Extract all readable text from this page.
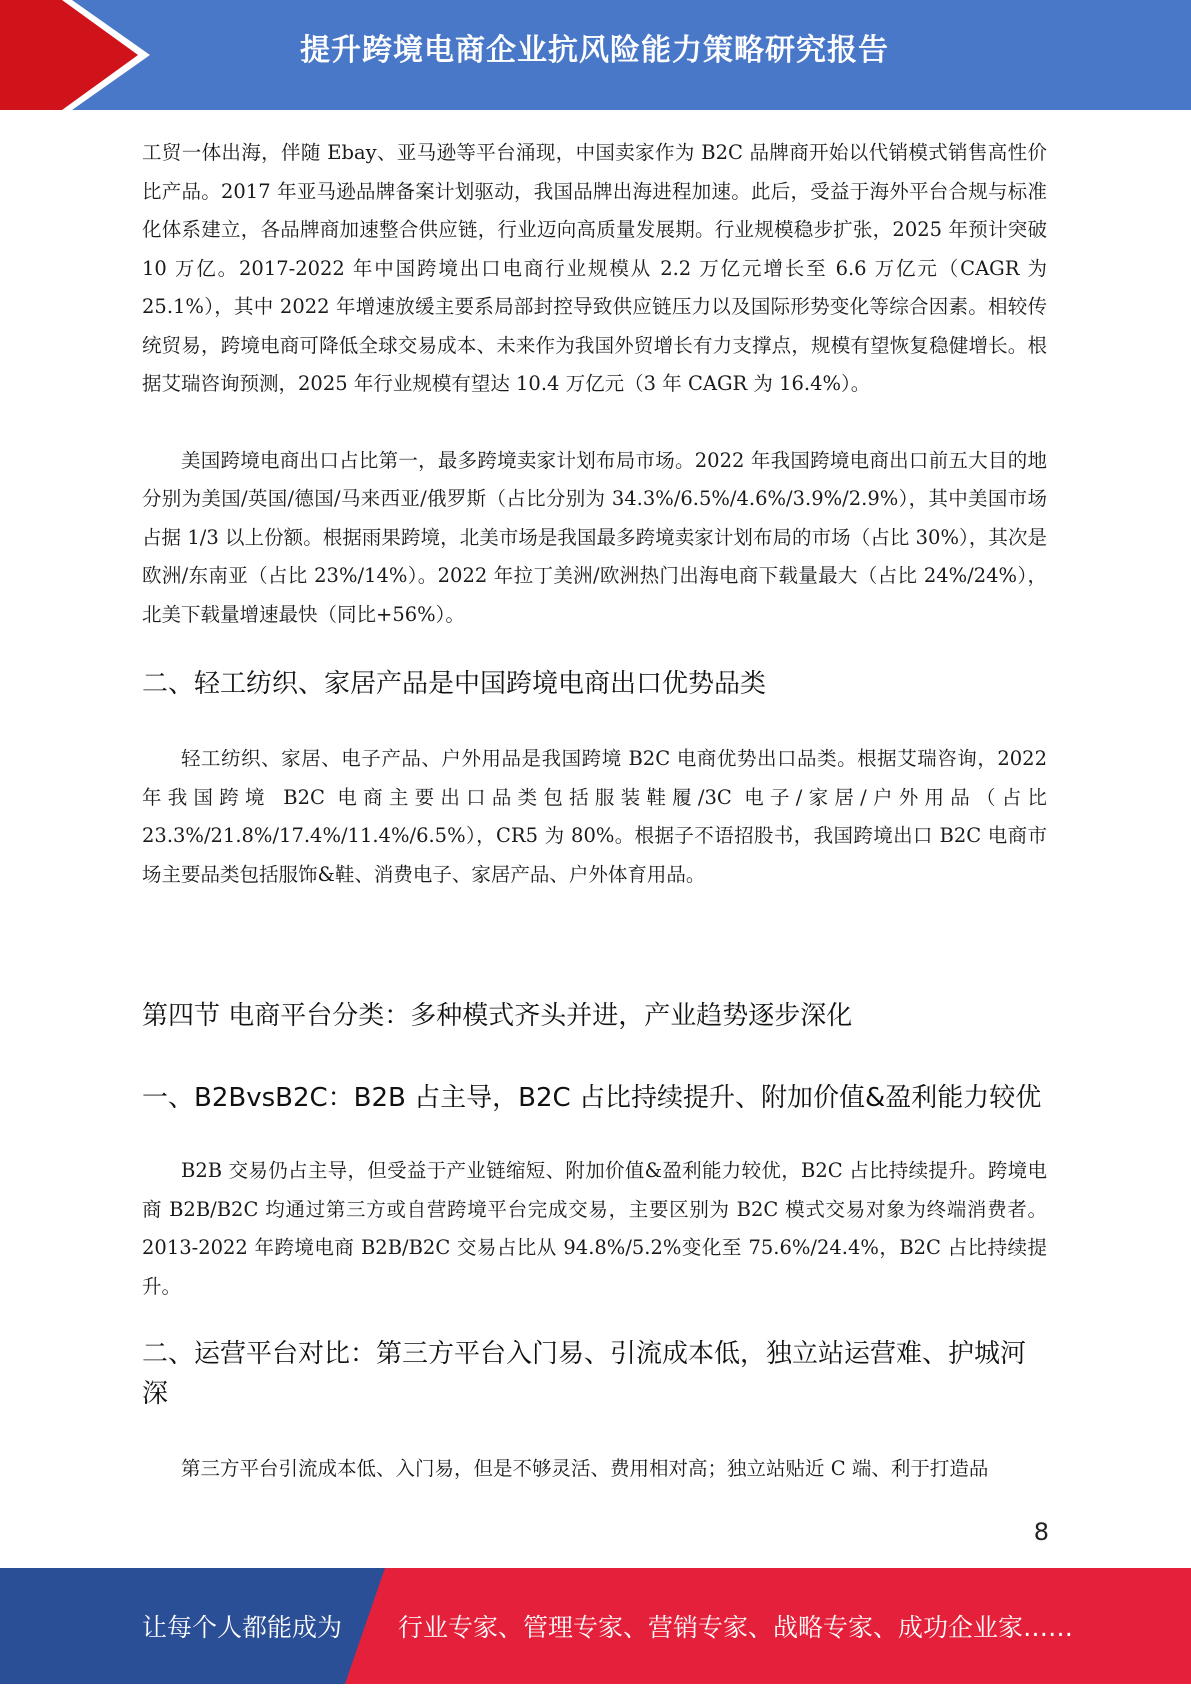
提升跨境电商企业抗风险能力策略研究报告

工贸一体出海，伴随 Ebay、亚马逊等平台涌现，中国卖家作为 B2C 品牌商开始以代销模式销售高性价比产品。2017 年亚马逊品牌备案计划驱动，我国品牌出海进程加速。此后，受益于海外平台合规与标准化体系建立，各品牌商加速整合供应链，行业迈向高质量发展期。行业规模稳步扩张，2025 年预计突破 10 万亿。2017-2022 年中国跨境出口电商行业规模从 2.2 万亿元增长至 6.6 万亿元（CAGR 为 25.1%），其中 2022 年增速放缓主要系局部封控导致供应链压力以及国际形势变化等综合因素。相较传统贸易，跨境电商可降低全球交易成本、未来作为我国外贸增长有力支撑点，规模有望恢复稳健增长。根据艾瑞咨询预测，2025 年行业规模有望达 10.4 万亿元（3 年 CAGR 为 16.4%）。

美国跨境电商出口占比第一，最多跨境卖家计划布局市场。2022 年我国跨境电商出口前五大目的地分别为美国/英国/德国/马来西亚/俄罗斯（占比分别为 34.3%/6.5%/4.6%/3.9%/2.9%），其中美国市场占据 1/3 以上份额。根据雨果跨境，北美市场是我国最多跨境卖家计划布局的市场（占比 30%），其次是欧洲/东南亚（占比 23%/14%）。2022 年拉丁美洲/欧洲热门出海电商下载量最大（占比 24%/24%），北美下载量增速最快（同比+56%）。

二、轻工纺织、家居产品是中国跨境电商出口优势品类

轻工纺织、家居、电子产品、户外用品是我国跨境 B2C 电商优势出口品类。根据艾瑞咨询，2022 年我国跨境 B2C 电商主要出口品类包括服装鞋履/3C 电子/家居/户外用品（占比 23.3%/21.8%/17.4%/11.4%/6.5%），CR5 为 80%。根据子不语招股书，我国跨境出口 B2C 电商市场主要品类包括服饰&鞋、消费电子、家居产品、户外体育用品。

第四节 电商平台分类：多种模式齐头并进，产业趋势逐步深化
一、B2BvsB2C：B2B 占主导，B2C 占比持续提升、附加价值&盈利能力较优

B2B 交易仍占主导，但受益于产业链缩短、附加价值&盈利能力较优，B2C 占比持续提升。跨境电商 B2B/B2C 均通过第三方或自营跨境平台完成交易，主要区别为 B2C 模式交易对象为终端消费者。2013-2022 年跨境电商 B2B/B2C 交易占比从 94.8%/5.2%变化至 75.6%/24.4%，B2C 占比持续提升。

二、运营平台对比：第三方平台入门易、引流成本低，独立站运营难、护城河深

第三方平台引流成本低、入门易，但是不够灵活、费用相对高；独立站贴近 C 端、利于打造品

8
让每个人都能成为 行业专家、管理专家、营销专家、战略专家、成功企业家……
